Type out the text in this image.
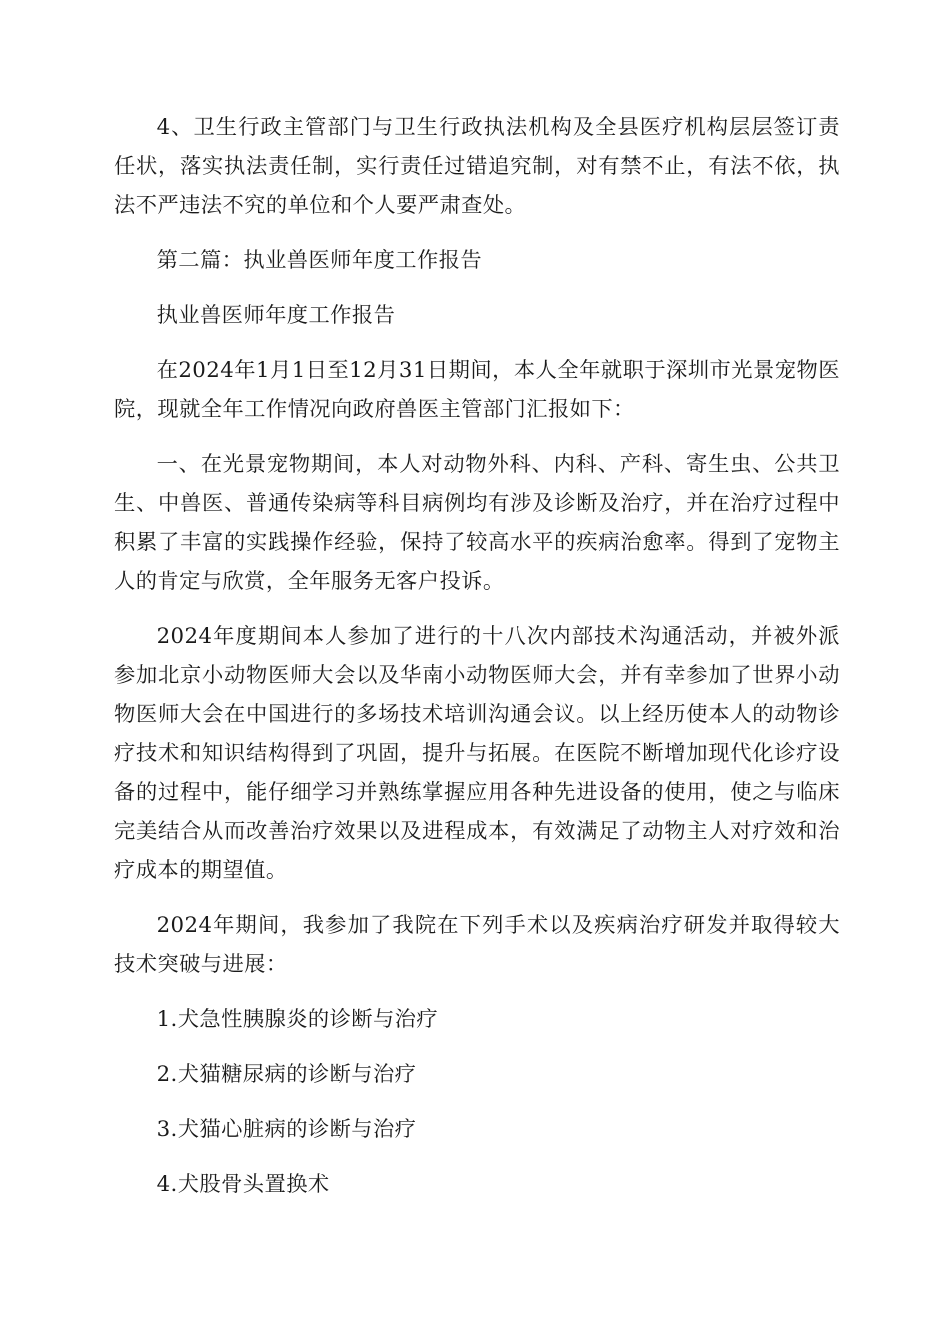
4、卫生行政主管部门与卫生行政执法机构及全县医疗机构层层签订责任状，落实执法责任制，实行责任过错追究制，对有禁不止，有法不依，执法不严违法不究的单位和个人要严肃查处。

第二篇：执业兽医师年度工作报告

执业兽医师年度工作报告

在2024年1月1日至12月31日期间，本人全年就职于深圳市光景宠物医院，现就全年工作情况向政府兽医主管部门汇报如下：

一、在光景宠物期间，本人对动物外科、内科、产科、寄生虫、公共卫生、中兽医、普通传染病等科目病例均有涉及诊断及治疗，并在治疗过程中积累了丰富的实践操作经验，保持了较高水平的疾病治愈率。得到了宠物主人的肯定与欣赏，全年服务无客户投诉。

2024年度期间本人参加了进行的十八次内部技术沟通活动，并被外派参加北京小动物医师大会以及华南小动物医师大会，并有幸参加了世界小动物医师大会在中国进行的多场技术培训沟通会议。以上经历使本人的动物诊疗技术和知识结构得到了巩固，提升与拓展。在医院不断增加现代化诊疗设备的过程中，能仔细学习并熟练掌握应用各种先进设备的使用，使之与临床完美结合从而改善治疗效果以及进程成本，有效满足了动物主人对疗效和治疗成本的期望值。

2024年期间，我参加了我院在下列手术以及疾病治疗研发并取得较大技术突破与进展：

1.犬急性胰腺炎的诊断与治疗

2.犬猫糖尿病的诊断与治疗

3.犬猫心脏病的诊断与治疗

4.犬股骨头置换术
